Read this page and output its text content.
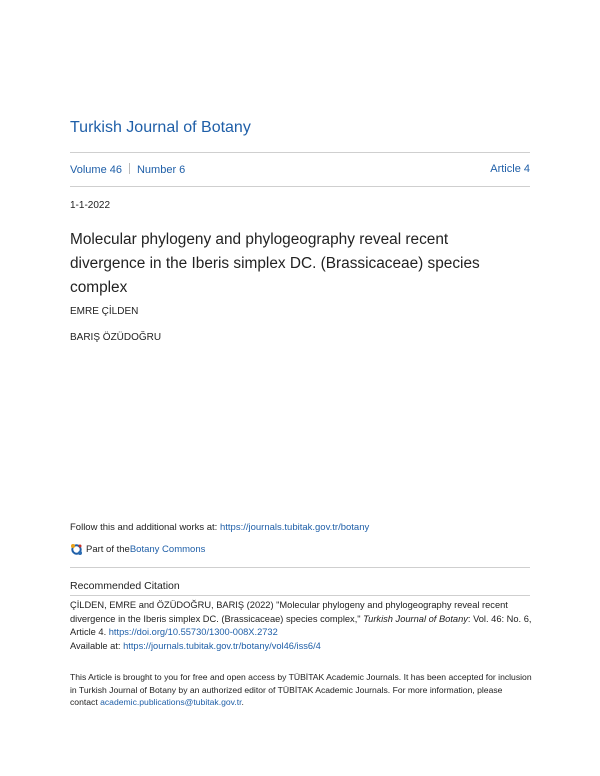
Turkish Journal of Botany
Volume 46 Number 6	Article 4
1-1-2022
Molecular phylogeny and phylogeography reveal recent divergence in the Iberis simplex DC. (Brassicaceae) species complex
EMRE ÇİLDEN
BARIŞ ÖZÜDOĞRU
Follow this and additional works at: https://journals.tubitak.gov.tr/botany
Part of the Botany Commons
Recommended Citation
ÇİLDEN, EMRE and ÖZÜDOĞRU, BARIŞ (2022) "Molecular phylogeny and phylogeography reveal recent divergence in the Iberis simplex DC. (Brassicaceae) species complex," Turkish Journal of Botany: Vol. 46: No. 6, Article 4. https://doi.org/10.55730/1300-008X.2732
Available at: https://journals.tubitak.gov.tr/botany/vol46/iss6/4
This Article is brought to you for free and open access by TÜBİTAK Academic Journals. It has been accepted for inclusion in Turkish Journal of Botany by an authorized editor of TÜBİTAK Academic Journals. For more information, please contact academic.publications@tubitak.gov.tr.
